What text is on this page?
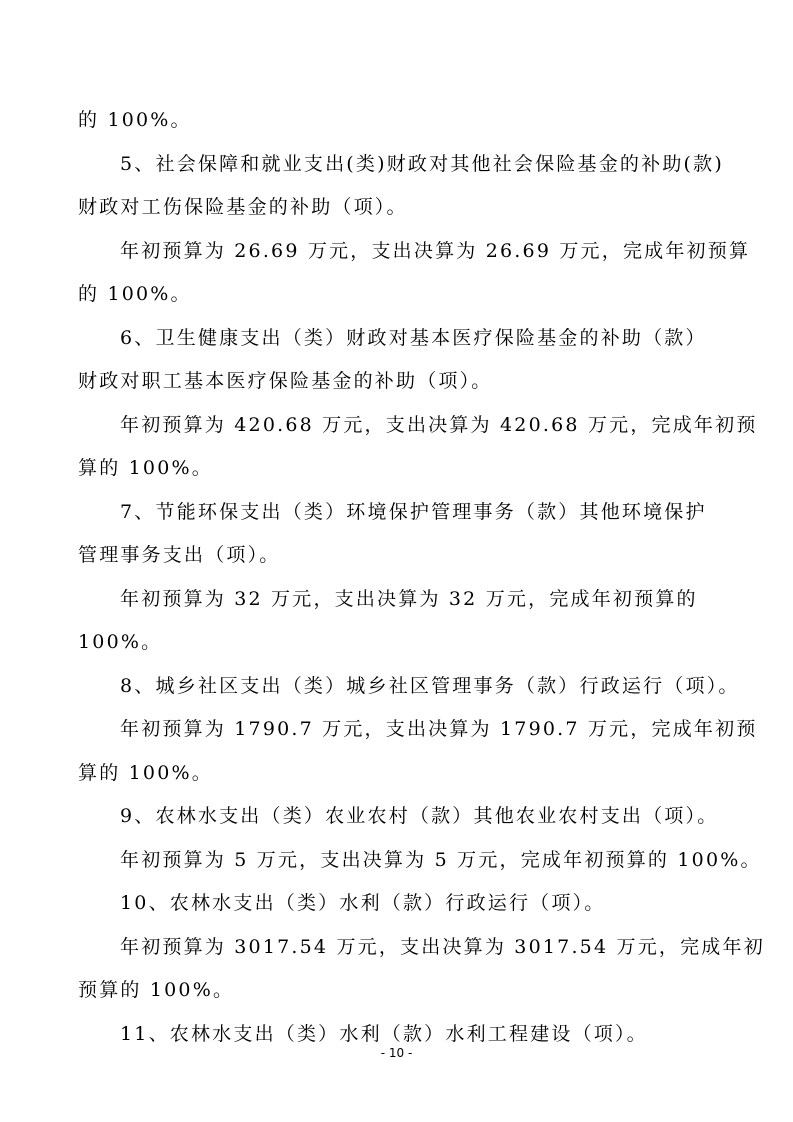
的 100%。
5、社会保障和就业支出(类)财政对其他社会保险基金的补助(款)
财政对工伤保险基金的补助（项）。
年初预算为 26.69 万元，支出决算为 26.69 万元，完成年初预算
的 100%。
6、卫生健康支出（类）财政对基本医疗保险基金的补助（款）
财政对职工基本医疗保险基金的补助（项）。
年初预算为 420.68 万元，支出决算为 420.68 万元，完成年初预
算的 100%。
7、节能环保支出（类）环境保护管理事务（款）其他环境保护
管理事务支出（项）。
年初预算为 32 万元，支出决算为 32 万元，完成年初预算的
100%。
8、城乡社区支出（类）城乡社区管理事务（款）行政运行（项）。
年初预算为 1790.7 万元，支出决算为 1790.7 万元，完成年初预
算的 100%。
9、农林水支出（类）农业农村（款）其他农业农村支出（项）。
年初预算为 5 万元，支出决算为 5 万元，完成年初预算的 100%。
10、农林水支出（类）水利（款）行政运行（项）。
年初预算为 3017.54 万元，支出决算为 3017.54 万元，完成年初
预算的 100%。
11、农林水支出（类）水利（款）水利工程建设（项）。
- 10 -
